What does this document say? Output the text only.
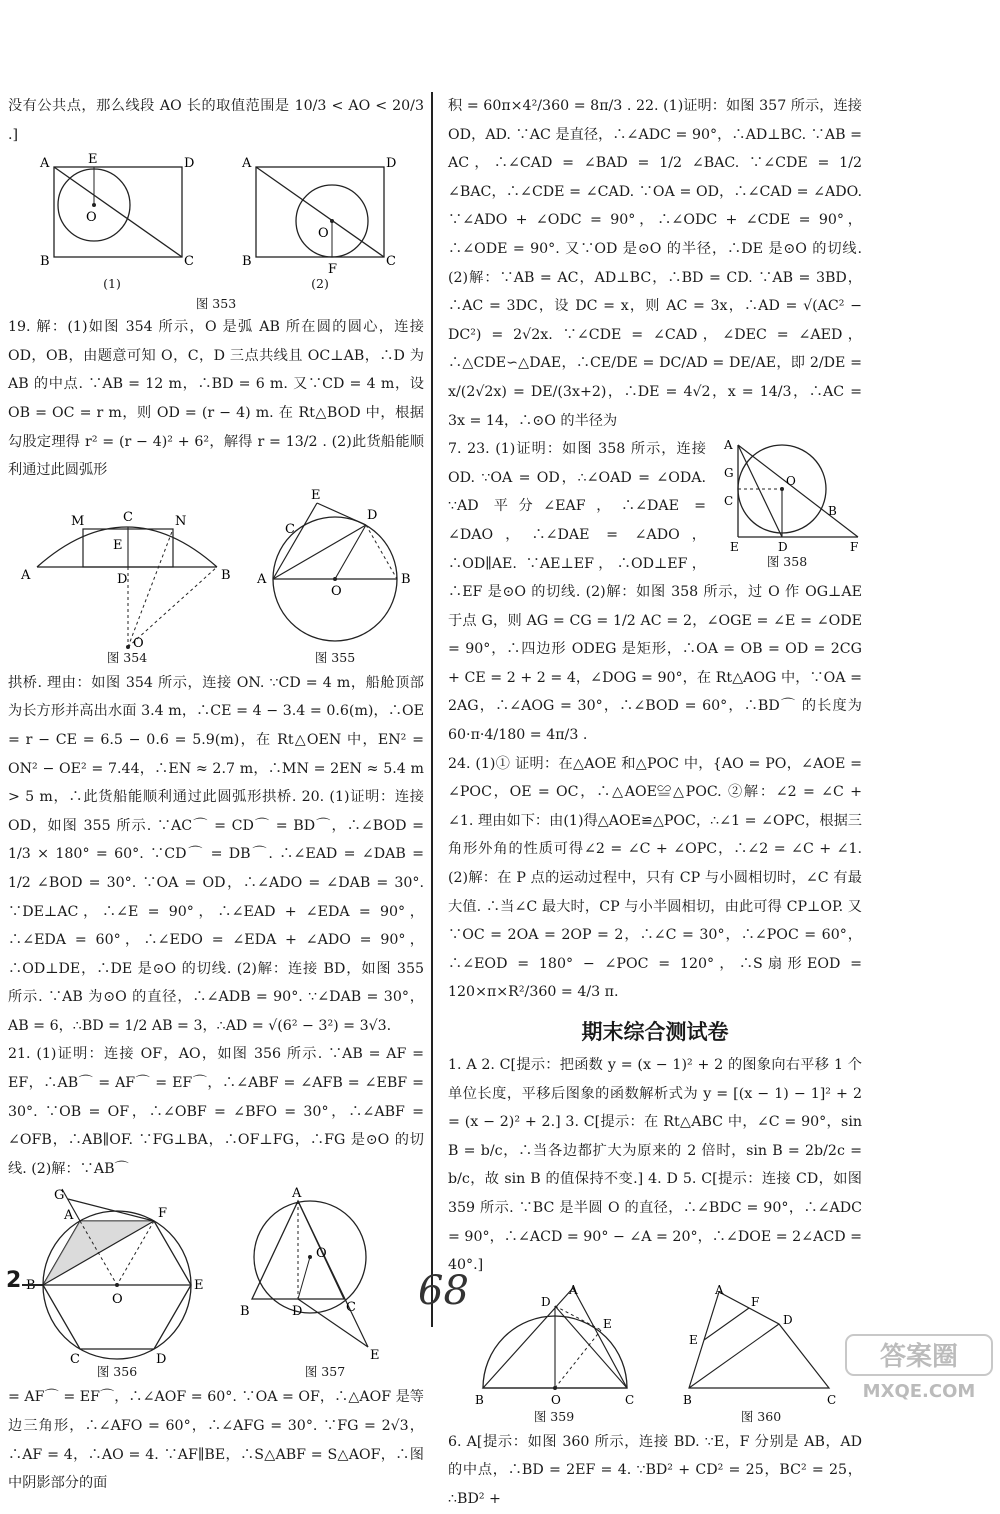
没有公共点，那么线段 AO 长的取值范围是 10/3 < AO < 20/3 .]

A	D
B	C
E
O
(1)
A	D
B	C
O
F
(2)
图 353

19. 解：(1)如图 354 所示，O 是弧 AB 所在圆的圆心，连接 OD，OB，由题意可知 O，C，D 三点共线且 OC⊥AB，∴D 为 AB 的中点. ∵AB = 12 m，∴BD = 6 m. 又∵CD = 4 m，设 OB = OC = r m，则 OD = (r − 4) m. 在 Rt△BOD 中，根据勾股定理得 r² = (r − 4)² + 6²，解得 r = 13/2 . (2)此货船能顺利通过此圆弧形

M	C	N
E
A	D	B
O
图 354
E
C
D
A
O
B
图 355

拱桥. 理由：如图 354 所示，连接 ON. ∵CD = 4 m，船舱顶部为长方形并高出水面 3.4 m，∴CE = 4 − 3.4 = 0.6(m)，∴OE = r − CE = 6.5 − 0.6 = 5.9(m)，在 Rt△OEN 中，EN² = ON² − OE² = 7.44，∴EN ≈ 2.7 m，∴MN = 2EN ≈ 5.4 m > 5 m，∴此货船能顺利通过此圆弧形拱桥. 20. (1)证明：连接 OD，如图 355 所示. ∵AC⌒ = CD⌒ = BD⌒，∴∠BOD = 1/3 × 180° = 60°. ∵CD⌒ = DB⌒. ∴∠EAD = ∠DAB = 1/2 ∠BOD = 30°. ∵OA = OD，∴∠ADO = ∠DAB = 30°. ∵DE⊥AC，∴∠E = 90°，∴∠EAD + ∠EDA = 90°，∴∠EDA = 60°，∴∠EDO = ∠EDA + ∠ADO = 90°，∴OD⊥DE，∴DE 是⊙O 的切线. (2)解：连接 BD，如图 355 所示. ∵AB 为⊙O 的直径，∴∠ADB = 90°. ∵∠DAB = 30°，AB = 6，∴BD = 1/2 AB = 3，∴AD = √(6² − 3²) = 3√3.

21. (1)证明：连接 OF，AO，如图 356 所示. ∵AB = AF = EF，∴AB⌒ = AF⌒ = EF⌒，∴∠ABF = ∠AFB = ∠EBF = 30°. ∵OB = OF，∴∠OBF = ∠BFO = 30°，∴∠ABF = ∠OFB，∴AB∥OF. ∵FG⊥BA，∴OF⊥FG，∴FG 是⊙O 的切线. (2)解：∵AB⌒

G
A	F
O
E
C	D
图 356
A
O
B	D	C
E
图 357

= AF⌒ = EF⌒，∴∠AOF = 60°. ∵OA = OF，∴△AOF 是等边三角形，∴∠AFO = 60°，∴∠AFG = 30°. ∵FG = 2√3，∴AF = 4，∴AO = 4. ∵AF∥BE，∴S△ABF = S△AOF，∴图中阴影部分的面

积 = 60π×4²/360 = 8π/3 . 22. (1)证明：如图 357 所示，连接 OD，AD. ∵AC 是直径，∴∠ADC = 90°，∴AD⊥BC. ∵AB = AC，∴∠CAD = ∠BAD = 1/2 ∠BAC. ∵∠CDE = 1/2 ∠BAC，∴∠CDE = ∠CAD. ∵OA = OD，∴∠CAD = ∠ADO. ∵∠ADO + ∠ODC = 90°，∴∠ODC + ∠CDE = 90°，∴∠ODE = 90°. 又∵OD 是⊙O 的半径，∴DE 是⊙O 的切线. (2)解：∵AB = AC，AD⊥BC，∴BD = CD. ∵AB = 3BD，∴AC = 3DC，设 DC = x，则 AC = 3x，∴AD = √(AC² − DC²) = 2√2x. ∵∠CDE = ∠CAD，∠DEC = ∠AED，∴△CDE∽△DAE，∴CE/DE = DC/AD = DE/AE，即 2/DE = x/(2√2x) = DE/(3x+2)，∴DE = 4√2，x = 14/3，∴AC = 3x = 14，∴⊙O 的半径为

A
G
C
O
B
E	D	F
图 358

7. 23. (1)证明：如图 358 所示，连接 OD. ∵OA = OD，∴∠OAD = ∠ODA. ∵AD 平分∠EAF，∴∠DAE = ∠DAO，∴∠DAE = ∠ADO，∴OD∥AE. ∵AE⊥EF，∴OD⊥EF，∴EF 是⊙O 的切线. (2)解：如图 358 所示，过 O 作 OG⊥AE 于点 G，则 AG = CG = 1/2 AC = 2，∠OGE = ∠E = ∠ODE = 90°，∴四边形 ODEG 是矩形，∴OA = OB = OD = 2CG + CE = 2 + 2 = 4，∠DOG = 90°，在 Rt△AOG 中，∵OA = 2AG，∴∠AOG = 30°，∴∠BOD = 60°，∴BD⌒ 的长度为 60·π·4/180 = 4π/3 .

24. (1)① 证明：在△AOE 和△POC 中，{AO = PO，∠AOE = ∠POC，OE = OC，∴△AOE≌△POC. ②解：∠2 = ∠C + ∠1. 理由如下：由(1)得△AOE≌△POC，∴∠1 = ∠OPC，根据三角形外角的性质可得∠2 = ∠C + ∠OPC，∴∠2 = ∠C + ∠1. (2)解：在 P 点的运动过程中，只有 CP 与小圆相切时，∠C 有最大值. ∴当∠C 最大时，CP 与小半圆相切，由此可得 CP⊥OP. 又∵OC = 2OA = 2OP = 2，∴∠C = 30°，∴∠POC = 60°，∴∠EOD = 180° − ∠POC = 120°，∴S扇形EOD = 120×π×R²/360 = 4/3 π.

期末综合测试卷

1. A 2. C[提示：把函数 y = (x − 1)² + 2 的图象向右平移 1 个单位长度，平移后图象的函数解析式为 y = [(x − 1) − 1]² + 2 = (x − 2)² + 2.] 3. C[提示：在 Rt△ABC 中，∠C = 90°，sin B = b/c，∴当各边都扩大为原来的 2 倍时，sin B = 2b/2c = b/c，故 sin B 的值保持不变.] 4. D 5. C[提示：连接 CD，如图 359 所示. ∵BC 是半圆 O 的直径，∴∠BDC = 90°，∴∠ADC = 90°，∴∠ACD = 90° − ∠A = 20°，∴∠DOE = 2∠ACD = 40°.]

A
D
E
B	O	C
图 359
A
F
D
E
B	C
图 360

6. A[提示：如图 360 所示，连接 BD. ∵E，F 分别是 AB，AD 的中点，∴BD = 2EF = 4. ∵BD² + CD² = 25，BC² = 25，∴BD² +

2	68
答案圈
MXQE.COM
